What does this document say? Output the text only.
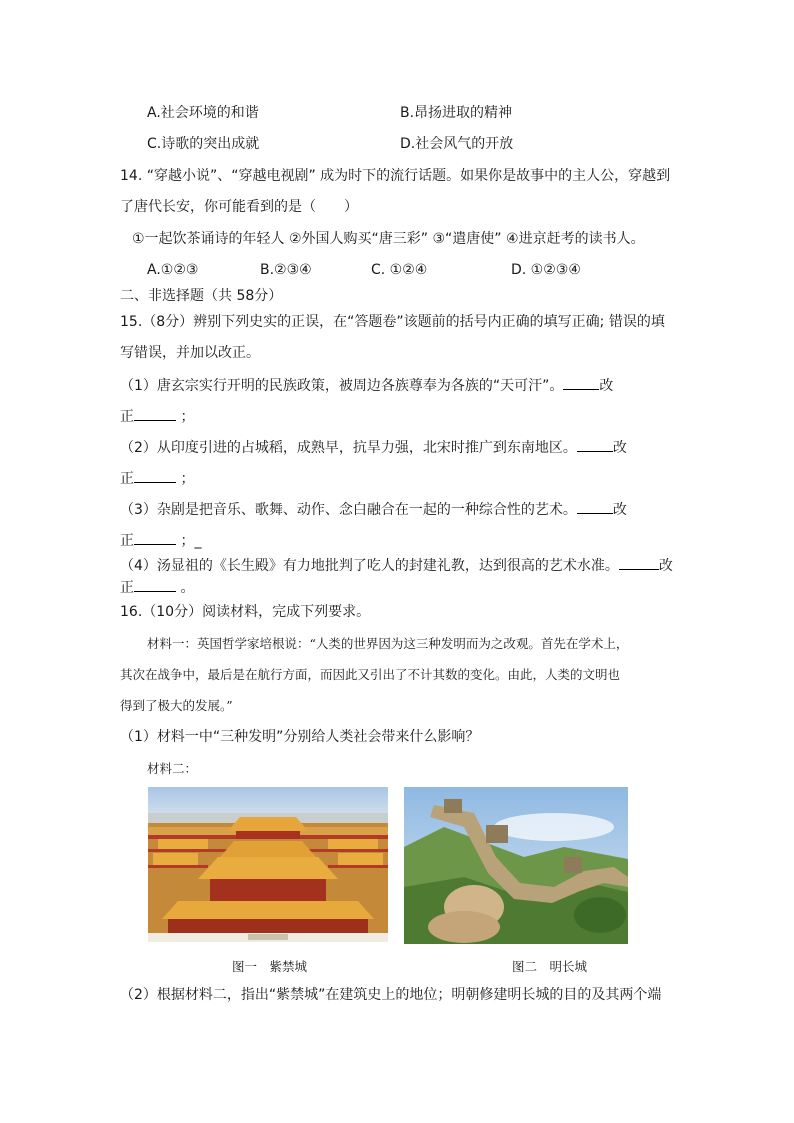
A.社会环境的和谐	B.昂扬进取的精神
C.诗歌的突出成就	D.社会风气的开放
14. “穿越小说”、“穿越电视剧” 成为时下的流行话题。如果你是故事中的主人公，穿越到
了唐代长安，你可能看到的是（　　）
①一起饮茶诵诗的年轻人 ②外国人购买“唐三彩” ③“遣唐使” ④进京赶考的读书人。
A.①②③	B.②③④	C. ①②④	D. ①②③④
二、非选择题（共 58分）
15.（8分）辨别下列史实的正误，在“答题卷”该题前的括号内正确的填写正确; 错误的填
写错误，并加以改正。
（1）唐玄宗实行开明的民族政策，被周边各族尊奉为各族的“天可汗”。	改
正	；
（2）从印度引进的占城稻，成熟早，抗旱力强，北宋时推广到东南地区。	改
正	；
（3）杂剧是把音乐、歌舞、动作、念白融合在一起的一种综合性的艺术。	改
正	；_
（4）汤显祖的《长生殿》有力地批判了吃人的封建礼教，达到很高的艺术水准。	改
正	。
16.（10分）阅读材料，完成下列要求。
材料一：英国哲学家培根说：“人类的世界因为这三种发明而为之改观。首先在学术上，
其次在战争中，最后是在航行方面，而因此又引出了不计其数的变化。由此，人类的文明也
得到了极大的发展。”
（1）材料一中“三种发明”分别给人类社会带来什么影响？
材料二：
图一　紫禁城	图二　明长城
（2）根据材料二，指出“紫禁城”在建筑史上的地位；明朝修建明长城的目的及其两个端
